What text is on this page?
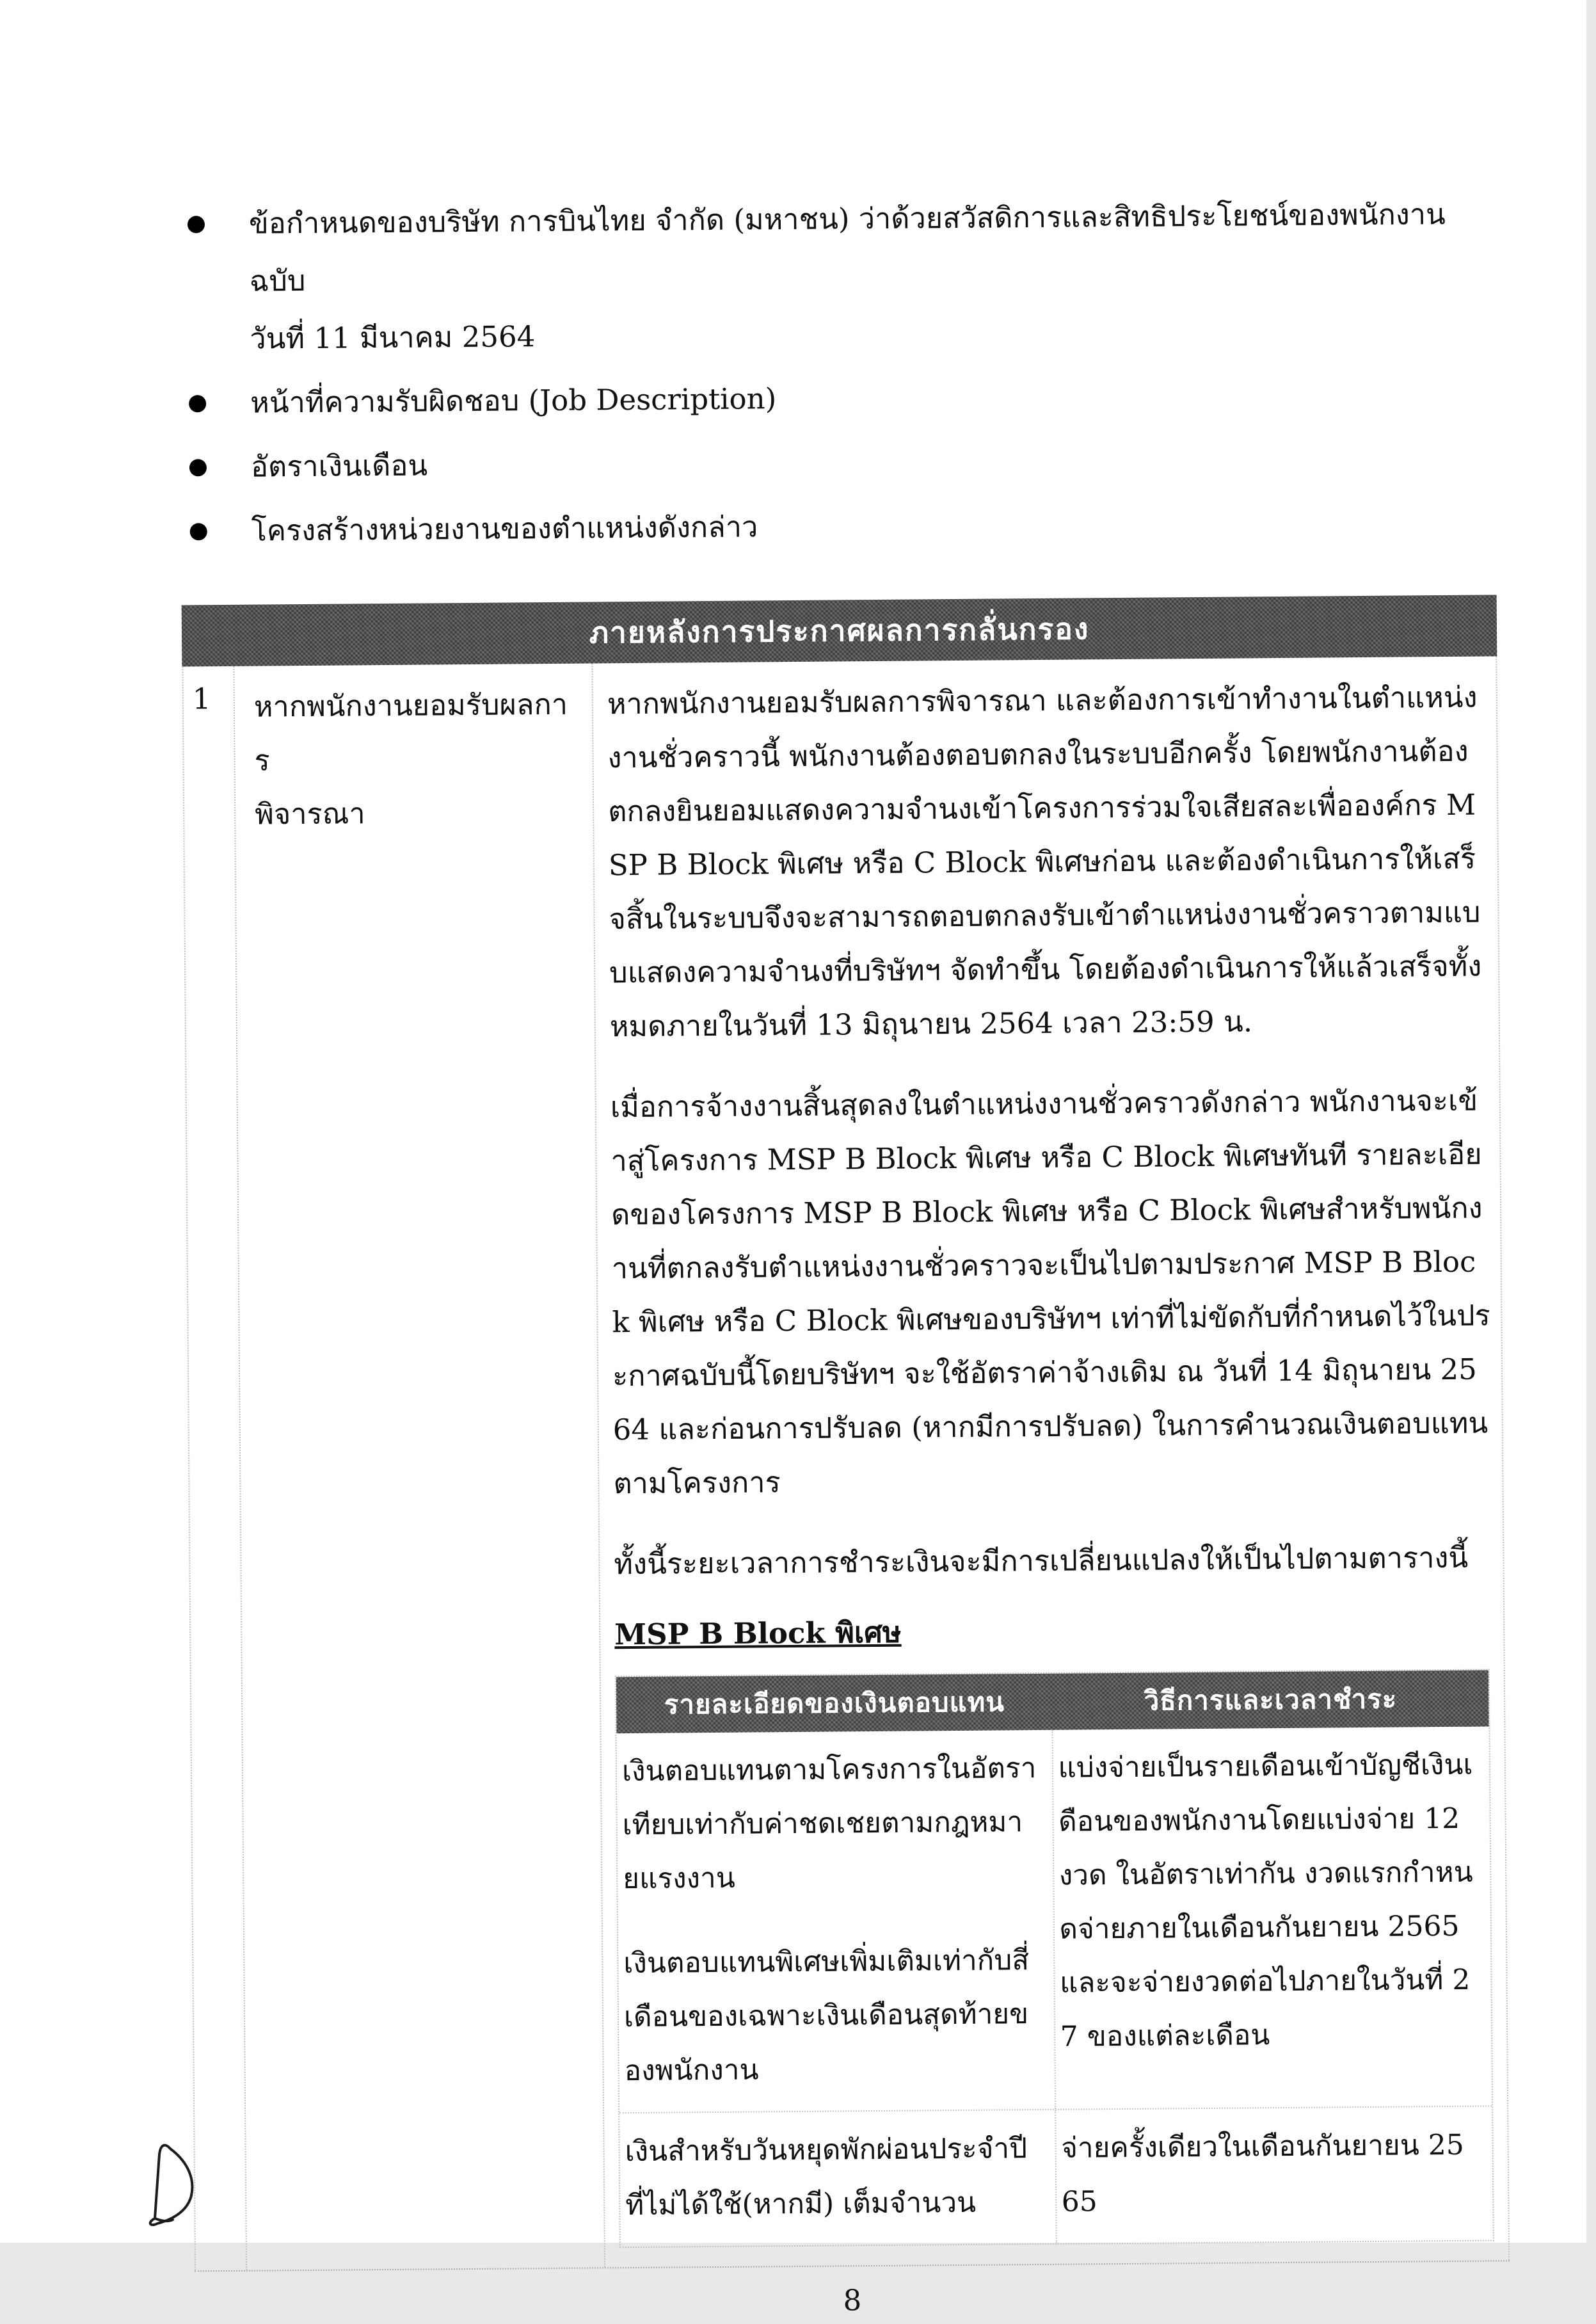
ข้อกำหนดของบริษัท การบินไทย จำกัด (มหาชน) ว่าด้วยสวัสดิการและสิทธิประโยชน์ของพนักงานฉบับ
วันที่ 11 มีนาคม 2564
หน้าที่ความรับผิดชอบ (Job Description)
อัตราเงินเดือน
โครงสร้างหน่วยงานของตำแหน่งดังกล่าว
ภายหลังการประกาศผลการกลั่นกรอง
1	หากพนักงานยอมรับผลการ
พิจารณา

หากพนักงานยอมรับผลการพิจารณา และต้องการเข้าทำงานในตำแหน่งงานชั่วคราวนี้ พนักงานต้องตอบตกลงในระบบอีกครั้ง โดยพนักงานต้องตกลงยินยอมแสดงความจำนงเข้าโครงการร่วมใจเสียสละเพื่อองค์กร MSP B Block พิเศษ หรือ C Block พิเศษก่อน และต้องดำเนินการให้เสร็จสิ้นในระบบจึงจะสามารถตอบตกลงรับเข้าตำแหน่งงานชั่วคราวตามแบบแสดงความจำนงที่บริษัทฯ จัดทำขึ้น โดยต้องดำเนินการให้แล้วเสร็จทั้งหมดภายในวันที่ 13 มิถุนายน 2564 เวลา 23:59 น.

เมื่อการจ้างงานสิ้นสุดลงในตำแหน่งงานชั่วคราวดังกล่าว พนักงานจะเข้าสู่โครงการ MSP B Block พิเศษ หรือ C Block พิเศษทันที รายละเอียดของโครงการ MSP B Block พิเศษ หรือ C Block พิเศษสำหรับพนักงานที่ตกลงรับตำแหน่งงานชั่วคราวจะเป็นไปตามประกาศ MSP B Block พิเศษ หรือ C Block พิเศษของบริษัทฯ เท่าที่ไม่ขัดกับที่กำหนดไว้ในประกาศฉบับนี้โดยบริษัทฯ จะใช้อัตราค่าจ้างเดิม ณ วันที่ 14 มิถุนายน 2564 และก่อนการปรับลด (หากมีการปรับลด) ในการคำนวณเงินตอบแทนตามโครงการ

ทั้งนี้ระยะเวลาการชำระเงินจะมีการเปลี่ยนแปลงให้เป็นไปตามตารางนี้

MSP B Block พิเศษ
รายละเอียดของเงินตอบแทน	วิธีการและเวลาชำระ

เงินตอบแทนตามโครงการในอัตราเทียบเท่ากับค่าชดเชยตามกฎหมายแรงงาน

เงินตอบแทนพิเศษเพิ่มเติมเท่ากับสี่เดือนของเฉพาะเงินเดือนสุดท้ายของพนักงาน

แบ่งจ่ายเป็นรายเดือนเข้าบัญชีเงินเดือนของพนักงานโดยแบ่งจ่าย 12 งวด ในอัตราเท่ากัน งวดแรกกำหนดจ่ายภายในเดือนกันยายน 2565 และจะจ่ายงวดต่อไปภายในวันที่ 27 ของแต่ละเดือน

เงินสำหรับวันหยุดพักผ่อนประจำปีที่ไม่ได้ใช้(หากมี) เต็มจำนวน

จ่ายครั้งเดียวในเดือนกันยายน 2565
8
